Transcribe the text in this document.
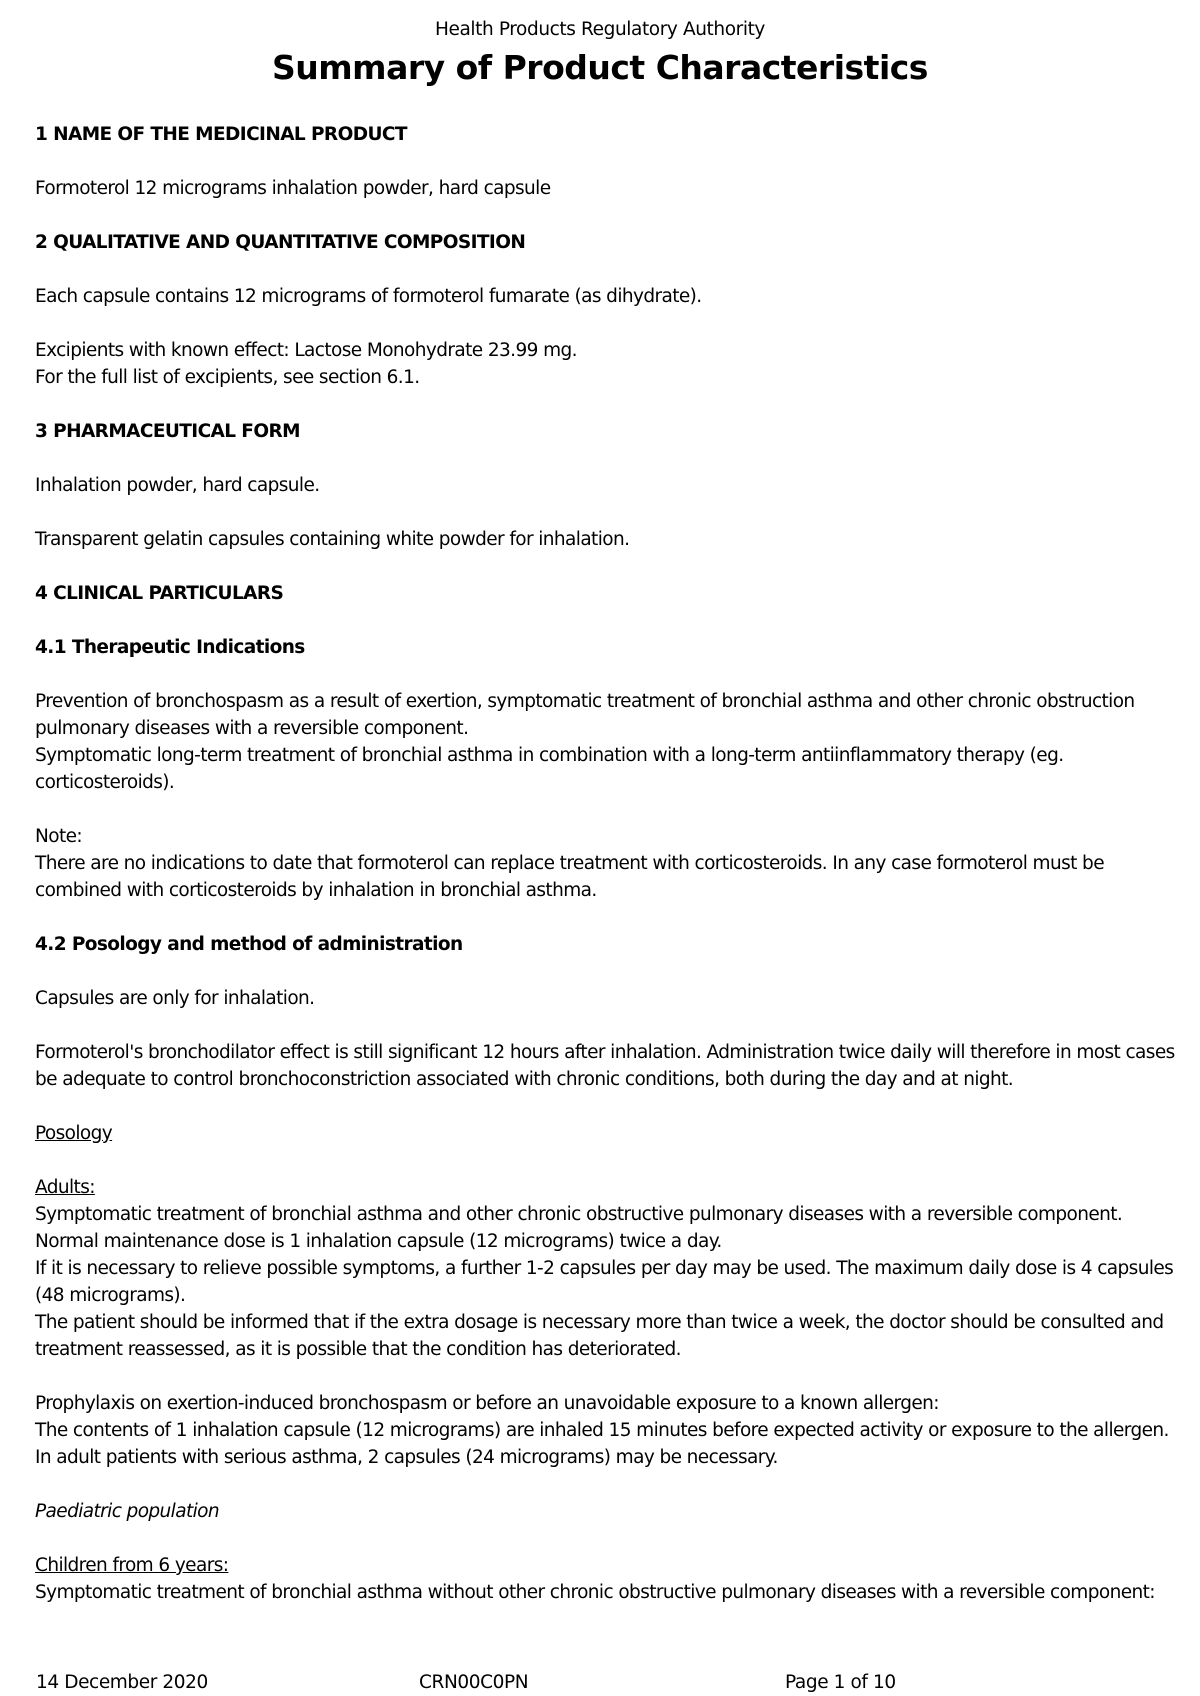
Health Products Regulatory Authority
Summary of Product Characteristics

1 NAME OF THE MEDICINAL PRODUCT

Formoterol 12 micrograms inhalation powder, hard capsule

2 QUALITATIVE AND QUANTITATIVE COMPOSITION

Each capsule contains 12 micrograms of formoterol fumarate (as dihydrate).

Excipients with known effect: Lactose Monohydrate 23.99 mg.

For the full list of excipients, see section 6.1.

3 PHARMACEUTICAL FORM

Inhalation powder, hard capsule.

Transparent gelatin capsules containing white powder for inhalation.

4 CLINICAL PARTICULARS

4.1 Therapeutic Indications

Prevention of bronchospasm as a result of exertion, symptomatic treatment of bronchial asthma and other chronic obstruction pulmonary diseases with a reversible component.

Symptomatic long-term treatment of bronchial asthma in combination with a long-term antiinflammatory therapy (eg. corticosteroids).

Note:

There are no indications to date that formoterol can replace treatment with corticosteroids. In any case formoterol must be combined with corticosteroids by inhalation in bronchial asthma.

4.2 Posology and method of administration

Capsules are only for inhalation.

Formoterol's bronchodilator effect is still significant 12 hours after inhalation. Administration twice daily will therefore in most cases be adequate to control bronchoconstriction associated with chronic conditions, both during the day and at night.

Posology

Adults:

Symptomatic treatment of bronchial asthma and other chronic obstructive pulmonary diseases with a reversible component.

Normal maintenance dose is 1 inhalation capsule (12 micrograms) twice a day.

If it is necessary to relieve possible symptoms, a further 1-2 capsules per day may be used. The maximum daily dose is 4 capsules (48 micrograms).

The patient should be informed that if the extra dosage is necessary more than twice a week, the doctor should be consulted and treatment reassessed, as it is possible that the condition has deteriorated.

Prophylaxis on exertion-induced bronchospasm or before an unavoidable exposure to a known allergen:

The contents of 1 inhalation capsule (12 micrograms) are inhaled 15 minutes before expected activity or exposure to the allergen. In adult patients with serious asthma, 2 capsules (24 micrograms) may be necessary.

Paediatric population

Children from 6 years:

Symptomatic treatment of bronchial asthma without other chronic obstructive pulmonary diseases with a reversible component:

14 December 2020	CRN00C0PN	Page 1 of 10
